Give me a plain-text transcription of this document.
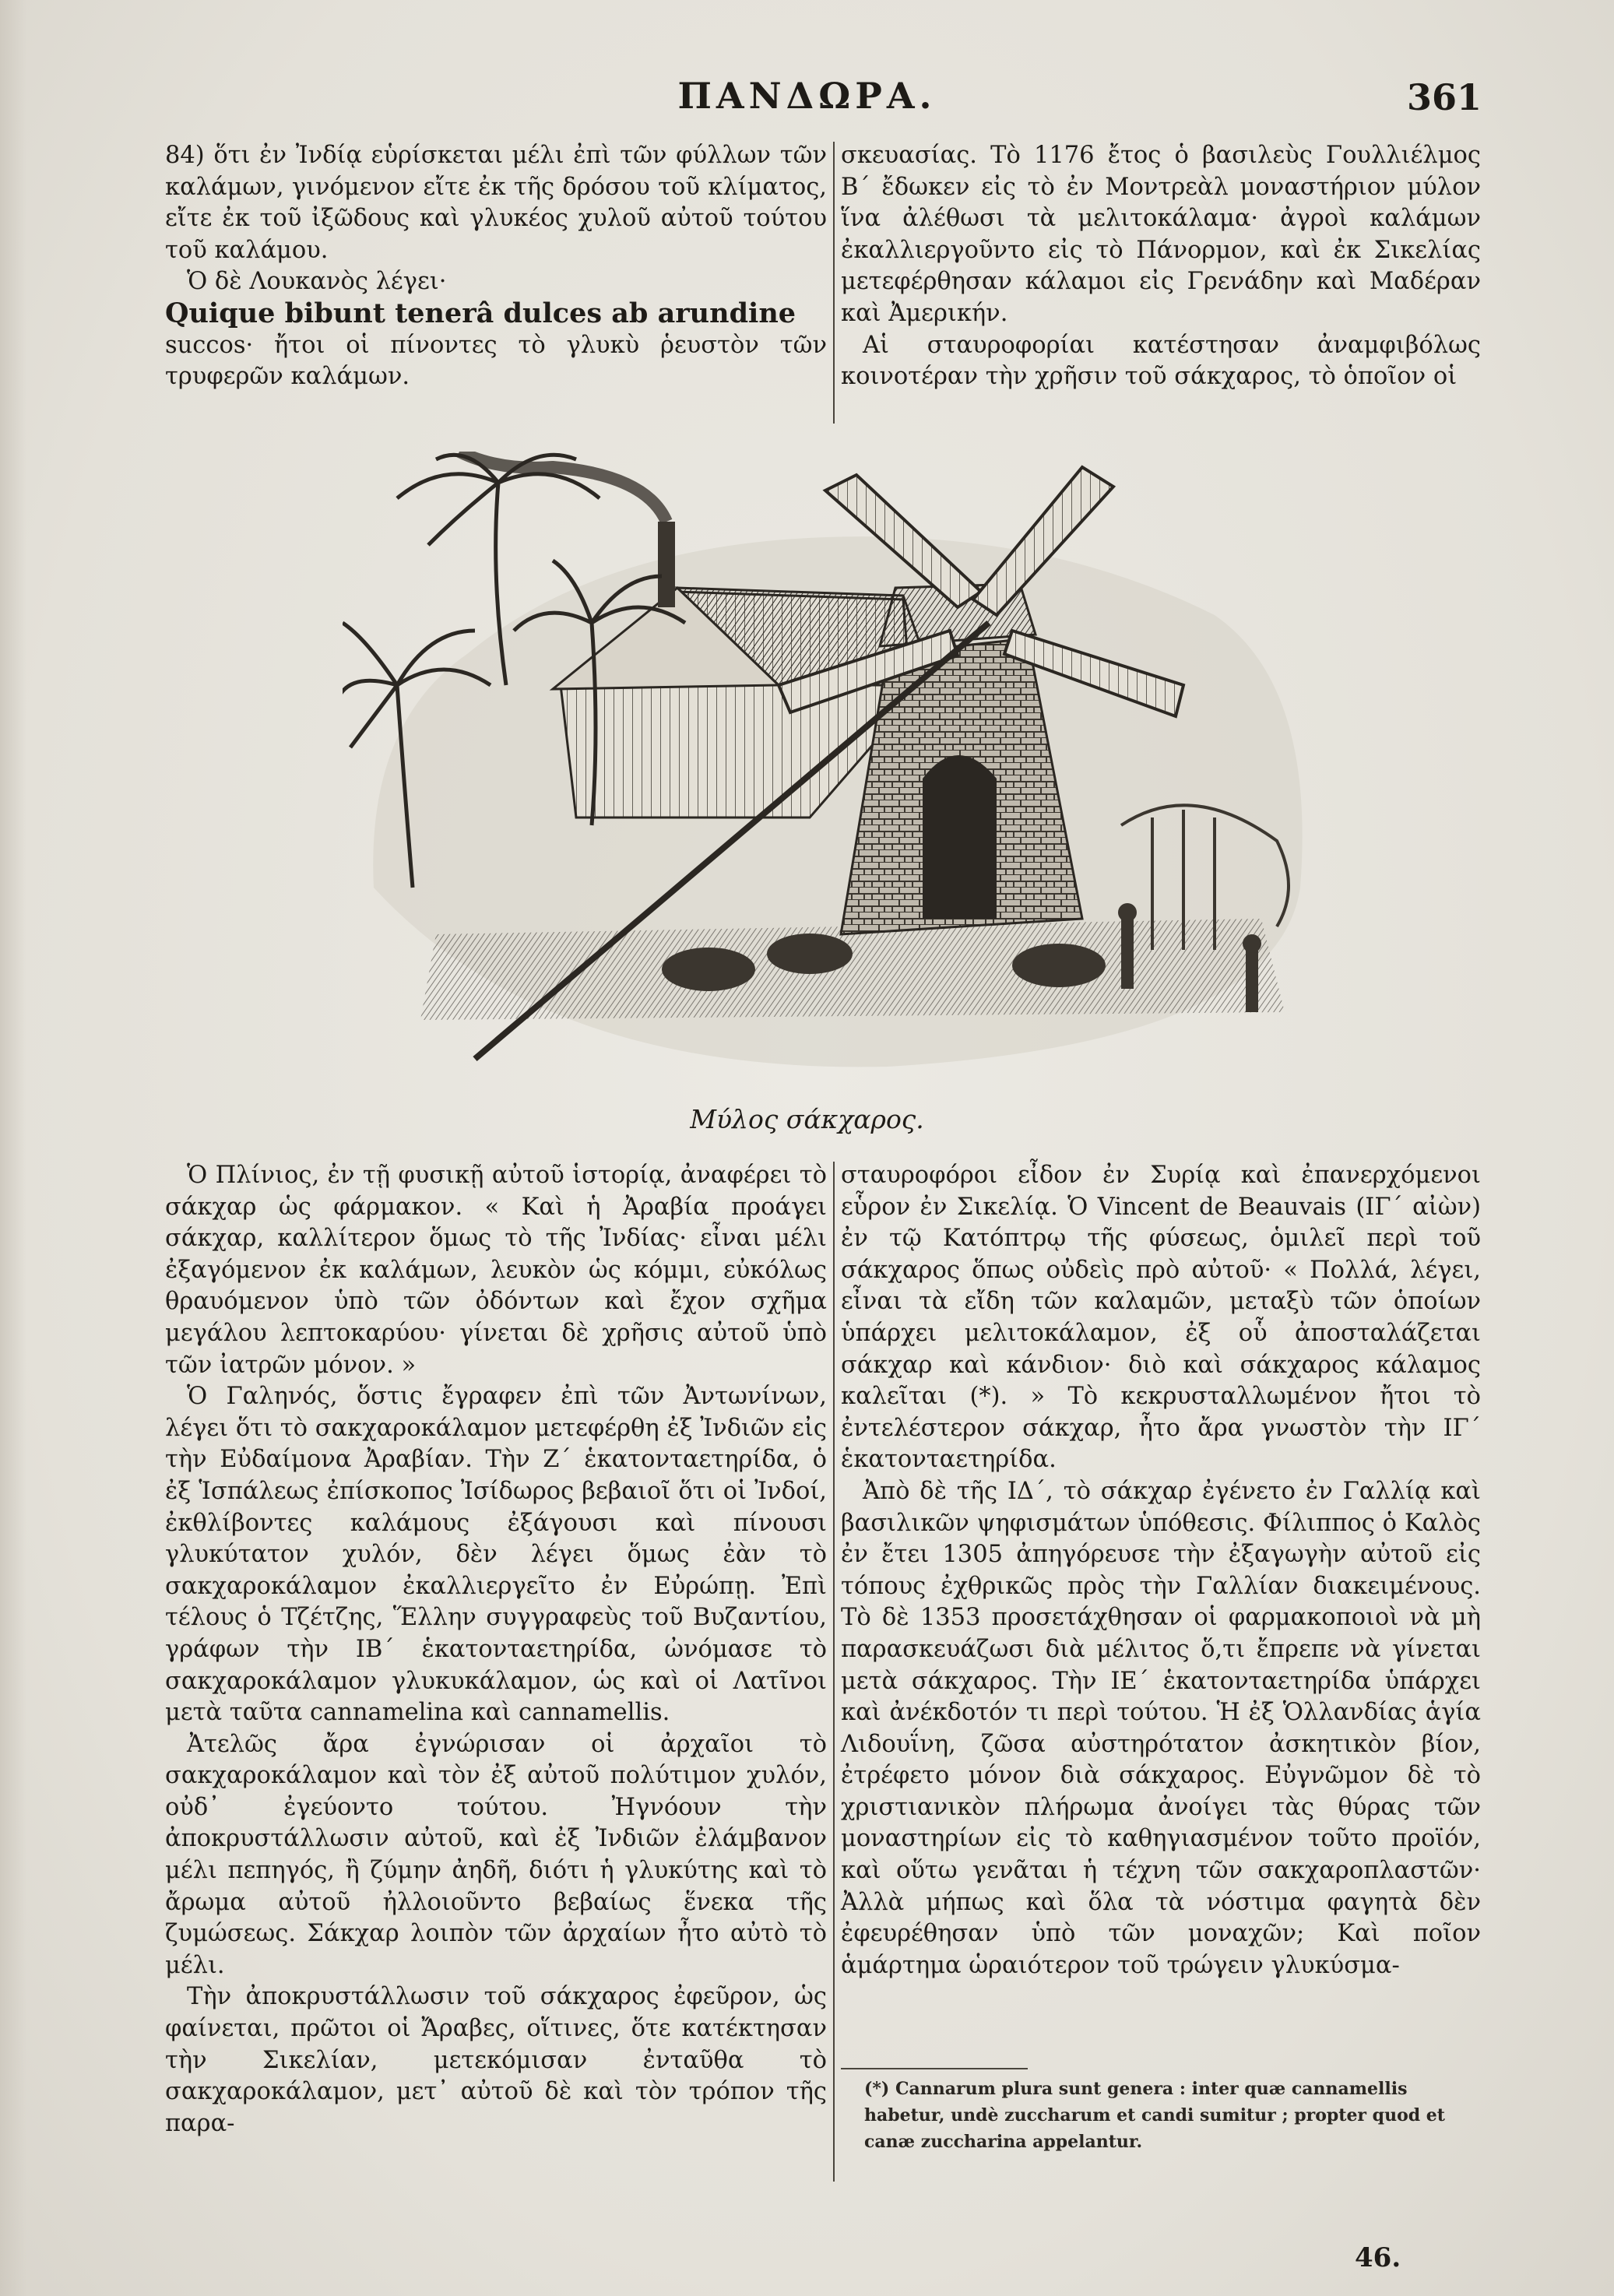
ΠΑΝΔΩΡΑ.	361

84) ὅτι ἐν Ἰνδίᾳ εὑρίσκεται μέλι ἐπὶ τῶν φύλλων τῶν καλάμων, γινόμενον εἴτε ἐκ τῆς δρόσου τοῦ κλίματος, εἴτε ἐκ τοῦ ἰξῶδους καὶ γλυκέος χυλοῦ αὐτοῦ τούτου τοῦ καλάμου.

Ὁ δὲ Λουκανὸς λέγει·

Quique bibunt tenerâ dulces ab arundine

succos· ἤτοι οἱ πίνοντες τὸ γλυκὺ ῥευστὸν τῶν τρυφερῶν καλάμων.

σκευασίας. Τὸ 1176 ἔτος ὁ βασιλεὺς Γουλλιέλμος Β΄ ἔδωκεν εἰς τὸ ἐν Μοντρεὰλ μοναστήριον μύλον ἵνα ἀλέθωσι τὰ μελιτοκάλαμα· ἀγροὶ καλάμων ἐκαλλιεργοῦντο εἰς τὸ Πάνορμον, καὶ ἐκ Σικελίας μετεφέρθησαν κάλαμοι εἰς Γρενάδην καὶ Μαδέραν καὶ Ἀμερικήν.

Αἱ σταυροφορίαι κατέστησαν ἀναμφιβόλως κοινοτέραν τὴν χρῆσιν τοῦ σάκχαρος, τὸ ὁποῖον οἱ

Μύλος σάκχαρος.

Ὁ Πλίνιος, ἐν τῇ φυσικῇ αὐτοῦ ἱστορίᾳ, ἀναφέρει τὸ σάκχαρ ὡς φάρμακον. « Καὶ ἡ Ἀραβία προάγει σάκχαρ, καλλίτερον ὅμως τὸ τῆς Ἰνδίας· εἶναι μέλι ἐξαγόμενον ἐκ καλάμων, λευκὸν ὡς κόμμι, εὐκόλως θραυόμενον ὑπὸ τῶν ὀδόντων καὶ ἔχον σχῆμα μεγάλου λεπτοκαρύου· γίνεται δὲ χρῆσις αὐτοῦ ὑπὸ τῶν ἰατρῶν μόνον. »

Ὁ Γαληνός, ὅστις ἔγραφεν ἐπὶ τῶν Ἀντωνίνων, λέγει ὅτι τὸ σακχαροκάλαμον μετεφέρθη ἐξ Ἰνδιῶν εἰς τὴν Εὐδαίμονα Ἀραβίαν. Τὴν Ζ΄ ἑκατονταετηρίδα, ὁ ἐξ Ἱσπάλεως ἐπίσκοπος Ἰσίδωρος βεβαιοῖ ὅτι οἱ Ἰνδοί, ἐκθλίβοντες καλάμους ἐξάγουσι καὶ πίνουσι γλυκύτατον χυλόν, δὲν λέγει ὅμως ἐὰν τὸ σακχαροκάλαμον ἐκαλλιεργεῖτο ἐν Εὐρώπῃ. Ἐπὶ τέλους ὁ Τζέτζης, Ἕλλην συγγραφεὺς τοῦ Βυζαντίου, γράφων τὴν ΙΒ΄ ἑκατονταετηρίδα, ὠνόμασε τὸ σακχαροκάλαμον γλυκυκάλαμον, ὡς καὶ οἱ Λατῖνοι μετὰ ταῦτα cannamelina καὶ cannamellis.

Ἀτελῶς ἄρα ἐγνώρισαν οἱ ἀρχαῖοι τὸ σακχαροκάλαμον καὶ τὸν ἐξ αὐτοῦ πολύτιμον χυλόν, οὐδ᾽ ἐγεύοντο τούτου. Ἠγνόουν τὴν ἀποκρυστάλλωσιν αὐτοῦ, καὶ ἐξ Ἰνδιῶν ἐλάμβανον μέλι πεπηγός, ἢ ζύμην ἀηδῆ, διότι ἡ γλυκύτης καὶ τὸ ἄρωμα αὐτοῦ ἠλλοιοῦντο βεβαίως ἕνεκα τῆς ζυμώσεως. Σάκχαρ λοιπὸν τῶν ἀρχαίων ἦτο αὐτὸ τὸ μέλι.

Τὴν ἀποκρυστάλλωσιν τοῦ σάκχαρος ἐφεῦρον, ὡς φαίνεται, πρῶτοι οἱ Ἄραβες, οἵτινες, ὅτε κατέκτησαν τὴν Σικελίαν, μετεκόμισαν ἐνταῦθα τὸ σακχαροκάλαμον, μετ᾽ αὐτοῦ δὲ καὶ τὸν τρόπον τῆς παρα-

σταυροφόροι εἶδον ἐν Συρίᾳ καὶ ἐπανερχόμενοι εὗρον ἐν Σικελίᾳ. Ὁ Vincent de Beauvais (ΙΓ΄ αἰὼν) ἐν τῷ Κατόπτρῳ τῆς φύσεως, ὁμιλεῖ περὶ τοῦ σάκχαρος ὅπως οὐδεὶς πρὸ αὐτοῦ· « Πολλά, λέγει, εἶναι τὰ εἴδη τῶν καλαμῶν, μεταξὺ τῶν ὁποίων ὑπάρχει μελιτοκάλαμον, ἐξ οὗ ἀποσταλάζεται σάκχαρ καὶ κάνδιον· διὸ καὶ σάκχαρος κάλαμος καλεῖται (*). » Τὸ κεκρυσταλλωμένον ἤτοι τὸ ἐντελέστερον σάκχαρ, ἦτο ἄρα γνωστὸν τὴν ΙΓ΄ ἑκατονταετηρίδα.

Ἀπὸ δὲ τῆς ΙΔ΄, τὸ σάκχαρ ἐγένετο ἐν Γαλλίᾳ καὶ βασιλικῶν ψηφισμάτων ὑπόθεσις. Φίλιππος ὁ Καλὸς ἐν ἔτει 1305 ἀπηγόρευσε τὴν ἐξαγωγὴν αὐτοῦ εἰς τόπους ἐχθρικῶς πρὸς τὴν Γαλλίαν διακειμένους. Τὸ δὲ 1353 προσετάχθησαν οἱ φαρμακοποιοὶ νὰ μὴ παρασκευάζωσι διὰ μέλιτος ὅ,τι ἔπρεπε νὰ γίνεται μετὰ σάκχαρος. Τὴν ΙΕ΄ ἑκατονταετηρίδα ὑπάρχει καὶ ἀνέκδοτόν τι περὶ τούτου. Ἡ ἐξ Ὁλλανδίας ἁγία Λιδουΐνη, ζῶσα αὐστηρότατον ἀσκητικὸν βίον, ἐτρέφετο μόνον διὰ σάκχαρος. Εὐγνῶμον δὲ τὸ χριστιανικὸν πλήρωμα ἀνοίγει τὰς θύρας τῶν μοναστηρίων εἰς τὸ καθηγιασμένον τοῦτο προϊόν, καὶ οὕτω γενᾶται ἡ τέχνη τῶν σακχαροπλαστῶν· Ἀλλὰ μήπως καὶ ὅλα τὰ νόστιμα φαγητὰ δὲν ἐφευρέθησαν ὑπὸ τῶν μοναχῶν; Καὶ ποῖον ἁμάρτημα ὡραιότερον τοῦ τρώγειν γλυκύσμα-

(*) Cannarum plura sunt genera : inter quæ cannamellis habetur, undè zuccharum et candi sumitur ; propter quod et canæ zuccharina appelantur.
46.
